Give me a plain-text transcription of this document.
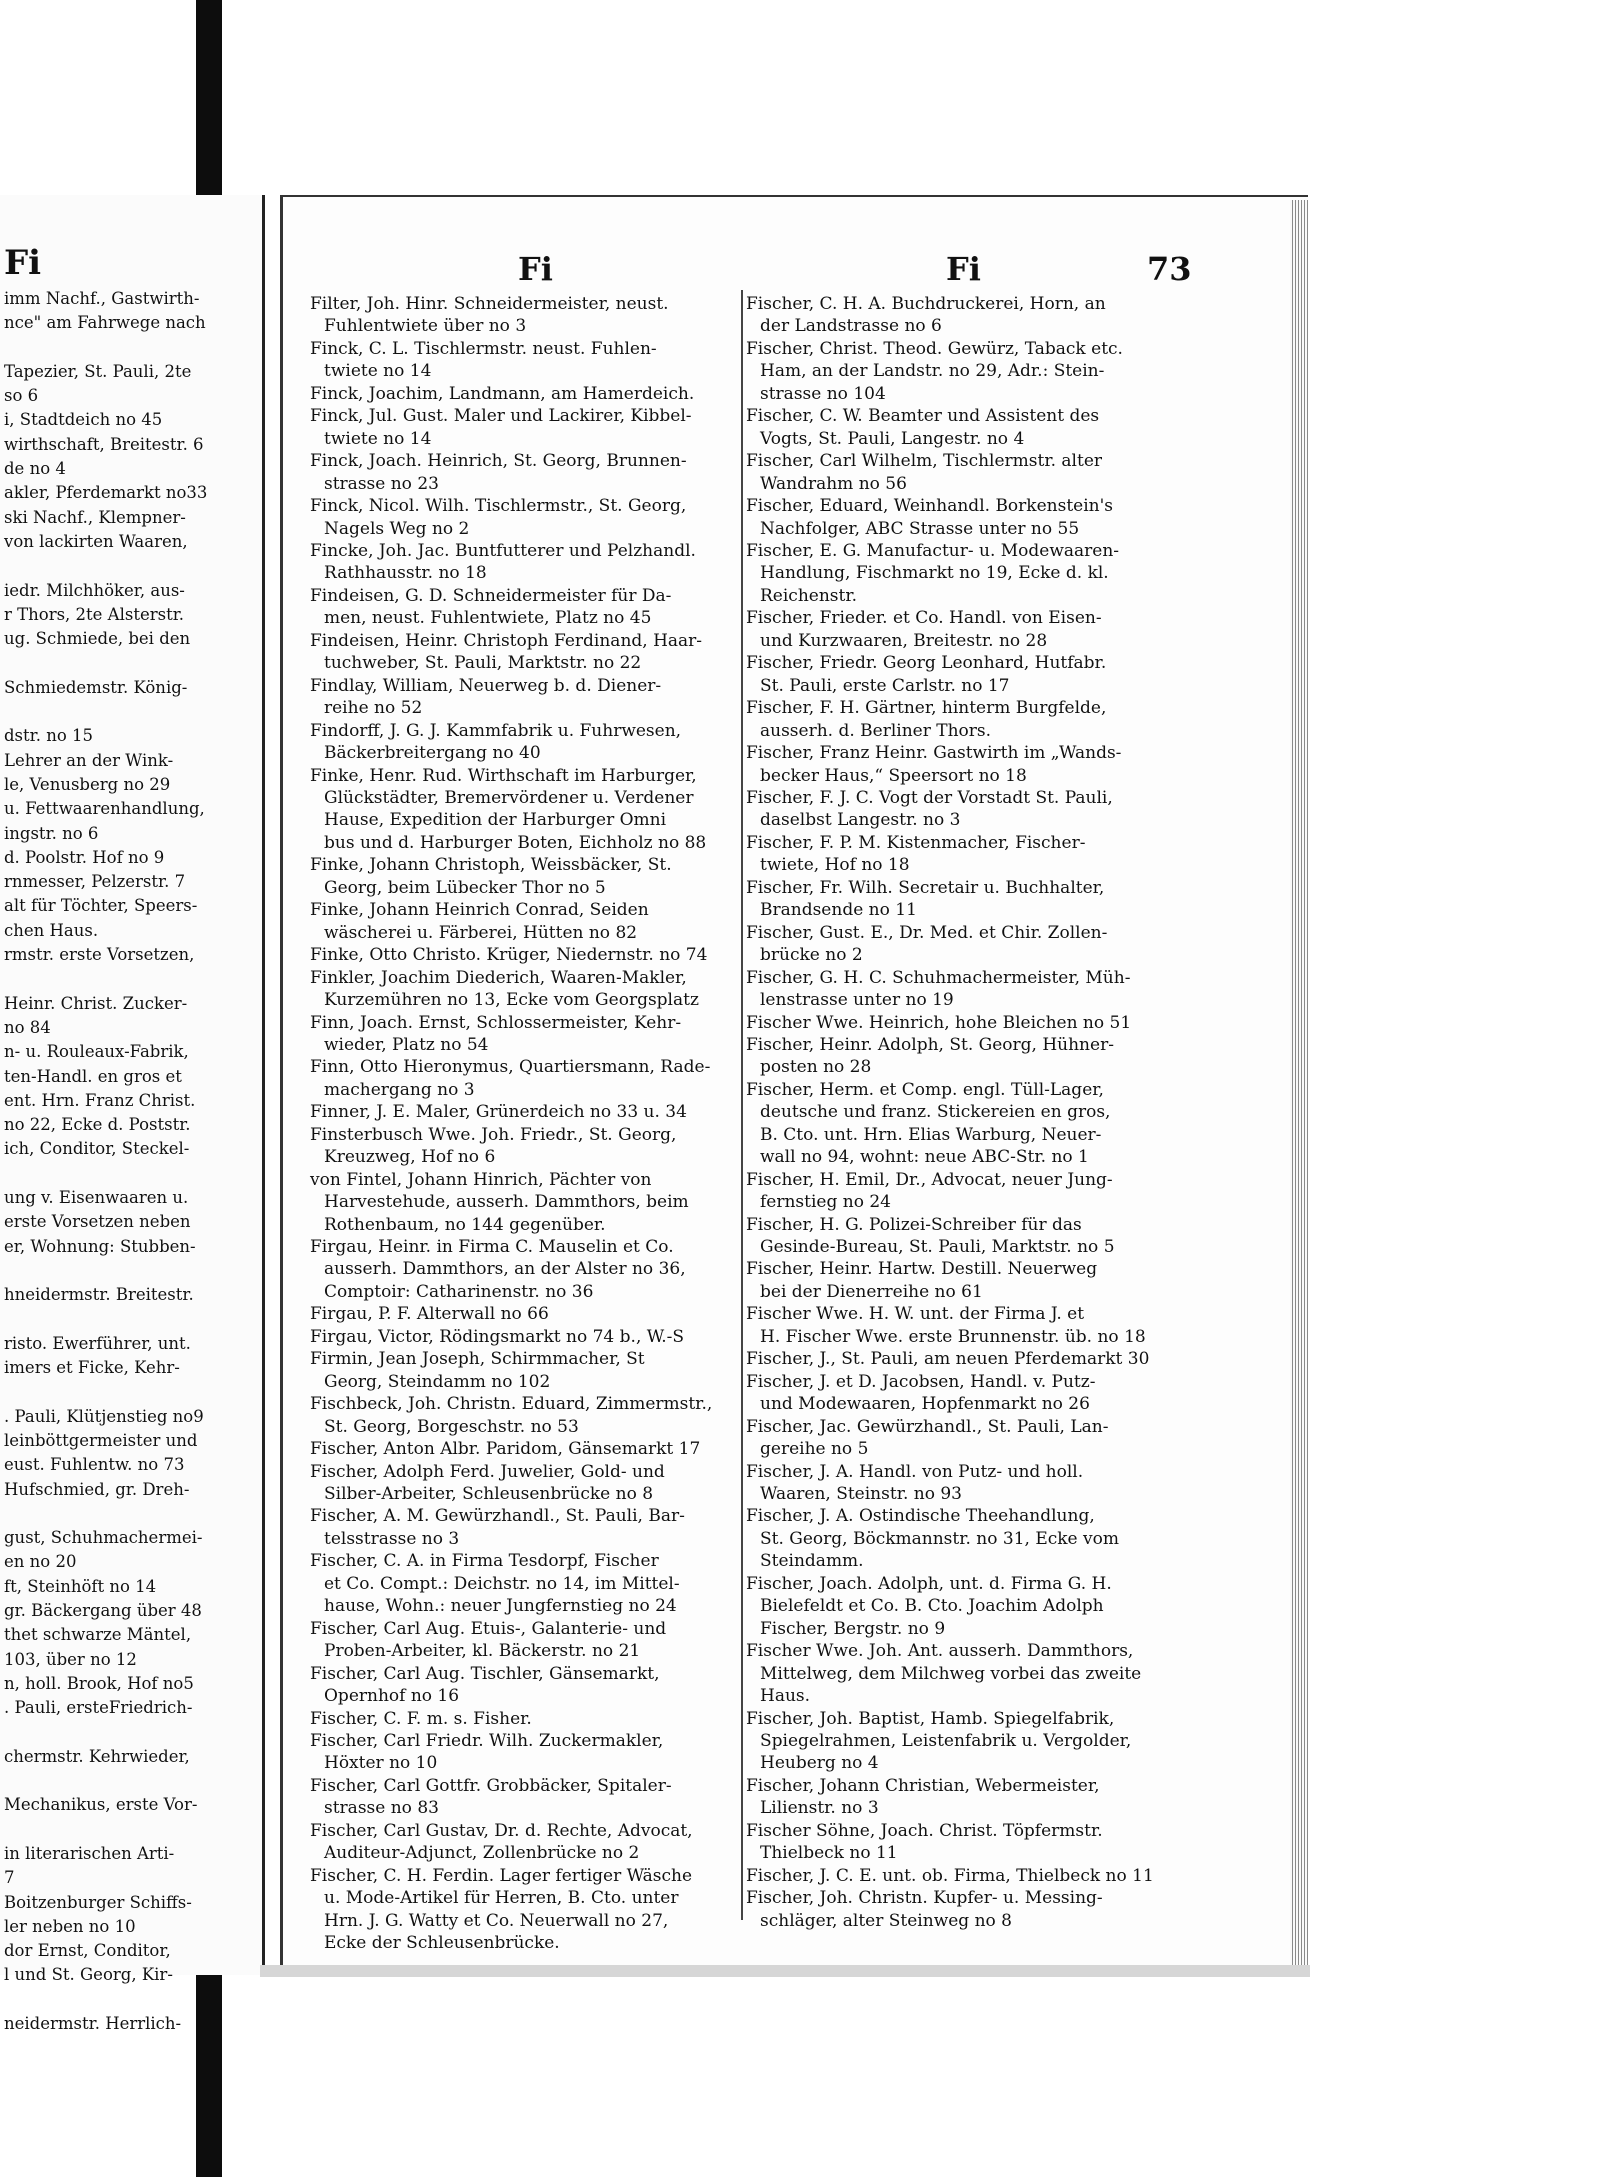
Fi
imm Nachf., Gastwirth-
nce" am Fahrwege nach

Tapezier, St. Pauli, 2te
so 6
i, Stadtdeich no 45
wirthschaft, Breitestr. 6
de no 4
akler, Pferdemarkt no33
ski Nachf., Klempner-
von lackirten Waaren,

iedr. Milchhöker, aus-
r Thors, 2te Alsterstr.
ug. Schmiede, bei den

Schmiedemstr. König-

dstr. no 15
Lehrer an der Wink-
le, Venusberg no 29
u. Fettwaarenhandlung,
ingstr. no 6
d. Poolstr. Hof no 9
rnmesser, Pelzerstr. 7
alt für Töchter, Speers-
chen Haus.
rmstr. erste Vorsetzen,

Heinr. Christ. Zucker-
no 84
n- u. Rouleaux-Fabrik,
ten-Handl. en gros et
ent. Hrn. Franz Christ.
no 22, Ecke d. Poststr.
ich, Conditor, Steckel-

ung v. Eisenwaaren u.
erste Vorsetzen neben
er, Wohnung: Stubben-

hneidermstr. Breitestr.

risto. Ewerführer, unt.
imers et Ficke, Kehr-

. Pauli, Klütjenstieg no9
leinböttgermeister und
eust. Fuhlentw. no 73
Hufschmied, gr. Dreh-

gust, Schuhmachermei-
en no 20
ft, Steinhöft no 14
gr. Bäckergang über 48
thet schwarze Mäntel,
103, über no 12
n, holl. Brook, Hof no5
. Pauli, ersteFriedrich-

chermstr. Kehrwieder,

Mechanikus, erste Vor-

in literarischen Arti-
7
Boitzenburger Schiffs-
ler neben no 10
dor Ernst, Conditor,
l und St. Georg, Kir-

neidermstr. Herrlich-
Fi	Fi	73
Filter, Joh. Hinr. Schneidermeister, neust.
Fuhlentwiete über no 3
Finck, C. L. Tischlermstr. neust. Fuhlen-
twiete no 14
Finck, Joachim, Landmann, am Hamerdeich.
Finck, Jul. Gust. Maler und Lackirer, Kibbel-
twiete no 14
Finck, Joach. Heinrich, St. Georg, Brunnen-
strasse no 23
Finck, Nicol. Wilh. Tischlermstr., St. Georg,
Nagels Weg no 2
Fincke, Joh. Jac. Buntfutterer und Pelzhandl.
Rathhausstr. no 18
Findeisen, G. D. Schneidermeister für Da-
men, neust. Fuhlentwiete, Platz no 45
Findeisen, Heinr. Christoph Ferdinand, Haar-
tuchweber, St. Pauli, Marktstr. no 22
Findlay, William, Neuerweg b. d. Diener-
reihe no 52
Findorff, J. G. J. Kammfabrik u. Fuhrwesen,
Bäckerbreitergang no 40
Finke, Henr. Rud. Wirthschaft im Harburger,
Glückstädter, Bremervördener u. Verdener
Hause, Expedition der Harburger Omni
bus und d. Harburger Boten, Eichholz no 88
Finke, Johann Christoph, Weissbäcker, St.
Georg, beim Lübecker Thor no 5
Finke, Johann Heinrich Conrad, Seiden
wäscherei u. Färberei, Hütten no 82
Finke, Otto Christo. Krüger, Niedernstr. no 74
Finkler, Joachim Diederich, Waaren-Makler,
Kurzemühren no 13, Ecke vom Georgsplatz
Finn, Joach. Ernst, Schlossermeister, Kehr-
wieder, Platz no 54
Finn, Otto Hieronymus, Quartiersmann, Rade-
machergang no 3
Finner, J. E. Maler, Grünerdeich no 33 u. 34
Finsterbusch Wwe. Joh. Friedr., St. Georg,
Kreuzweg, Hof no 6
von Fintel, Johann Hinrich, Pächter von
Harvestehude, ausserh. Dammthors, beim
Rothenbaum, no 144 gegenüber.
Firgau, Heinr. in Firma C. Mauselin et Co.
ausserh. Dammthors, an der Alster no 36,
Comptoir: Catharinenstr. no 36
Firgau, P. F. Alterwall no 66
Firgau, Victor, Rödingsmarkt no 74 b., W.-S
Firmin, Jean Joseph, Schirmmacher, St
Georg, Steindamm no 102
Fischbeck, Joh. Christn. Eduard, Zimmermstr.,
St. Georg, Borgeschstr. no 53
Fischer, Anton Albr. Paridom, Gänsemarkt 17
Fischer, Adolph Ferd. Juwelier, Gold- und
Silber-Arbeiter, Schleusenbrücke no 8
Fischer, A. M. Gewürzhandl., St. Pauli, Bar-
telsstrasse no 3
Fischer, C. A. in Firma Tesdorpf, Fischer
et Co. Compt.: Deichstr. no 14, im Mittel-
hause, Wohn.: neuer Jungfernstieg no 24
Fischer, Carl Aug. Etuis-, Galanterie- und
Proben-Arbeiter, kl. Bäckerstr. no 21
Fischer, Carl Aug. Tischler, Gänsemarkt,
Opernhof no 16
Fischer, C. F. m. s. Fisher.
Fischer, Carl Friedr. Wilh. Zuckermakler,
Höxter no 10
Fischer, Carl Gottfr. Grobbäcker, Spitaler-
strasse no 83
Fischer, Carl Gustav, Dr. d. Rechte, Advocat,
Auditeur-Adjunct, Zollenbrücke no 2
Fischer, C. H. Ferdin. Lager fertiger Wäsche
u. Mode-Artikel für Herren, B. Cto. unter
Hrn. J. G. Watty et Co. Neuerwall no 27,
Ecke der Schleusenbrücke.
Fischer, C. H. A. Buchdruckerei, Horn, an
der Landstrasse no 6
Fischer, Christ. Theod. Gewürz, Taback etc.
Ham, an der Landstr. no 29, Adr.: Stein-
strasse no 104
Fischer, C. W. Beamter und Assistent des
Vogts, St. Pauli, Langestr. no 4
Fischer, Carl Wilhelm, Tischlermstr. alter
Wandrahm no 56
Fischer, Eduard, Weinhandl. Borkenstein's
Nachfolger, ABC Strasse unter no 55
Fischer, E. G. Manufactur- u. Modewaaren-
Handlung, Fischmarkt no 19, Ecke d. kl.
Reichenstr.
Fischer, Frieder. et Co. Handl. von Eisen-
und Kurzwaaren, Breitestr. no 28
Fischer, Friedr. Georg Leonhard, Hutfabr.
St. Pauli, erste Carlstr. no 17
Fischer, F. H. Gärtner, hinterm Burgfelde,
ausserh. d. Berliner Thors.
Fischer, Franz Heinr. Gastwirth im „Wands-
becker Haus,“ Speersort no 18
Fischer, F. J. C. Vogt der Vorstadt St. Pauli,
daselbst Langestr. no 3
Fischer, F. P. M. Kistenmacher, Fischer-
twiete, Hof no 18
Fischer, Fr. Wilh. Secretair u. Buchhalter,
Brandsende no 11
Fischer, Gust. E., Dr. Med. et Chir. Zollen-
brücke no 2
Fischer, G. H. C. Schuhmachermeister, Müh-
lenstrasse unter no 19
Fischer Wwe. Heinrich, hohe Bleichen no 51
Fischer, Heinr. Adolph, St. Georg, Hühner-
posten no 28
Fischer, Herm. et Comp. engl. Tüll-Lager,
deutsche und franz. Stickereien en gros,
B. Cto. unt. Hrn. Elias Warburg, Neuer-
wall no 94, wohnt: neue ABC-Str. no 1
Fischer, H. Emil, Dr., Advocat, neuer Jung-
fernstieg no 24
Fischer, H. G. Polizei-Schreiber für das
Gesinde-Bureau, St. Pauli, Marktstr. no 5
Fischer, Heinr. Hartw. Destill. Neuerweg
bei der Dienerreihe no 61
Fischer Wwe. H. W. unt. der Firma J. et
H. Fischer Wwe. erste Brunnenstr. üb. no 18
Fischer, J., St. Pauli, am neuen Pferdemarkt 30
Fischer, J. et D. Jacobsen, Handl. v. Putz-
und Modewaaren, Hopfenmarkt no 26
Fischer, Jac. Gewürzhandl., St. Pauli, Lan-
gereihe no 5
Fischer, J. A. Handl. von Putz- und holl.
Waaren, Steinstr. no 93
Fischer, J. A. Ostindische Theehandlung,
St. Georg, Böckmannstr. no 31, Ecke vom
Steindamm.
Fischer, Joach. Adolph, unt. d. Firma G. H.
Bielefeldt et Co. B. Cto. Joachim Adolph
Fischer, Bergstr. no 9
Fischer Wwe. Joh. Ant. ausserh. Dammthors,
Mittelweg, dem Milchweg vorbei das zweite
Haus.
Fischer, Joh. Baptist, Hamb. Spiegelfabrik,
Spiegelrahmen, Leistenfabrik u. Vergolder,
Heuberg no 4
Fischer, Johann Christian, Webermeister,
Lilienstr. no 3
Fischer Söhne, Joach. Christ. Töpfermstr.
Thielbeck no 11
Fischer, J. C. E. unt. ob. Firma, Thielbeck no 11
Fischer, Joh. Christn. Kupfer- u. Messing-
schläger, alter Steinweg no 8
